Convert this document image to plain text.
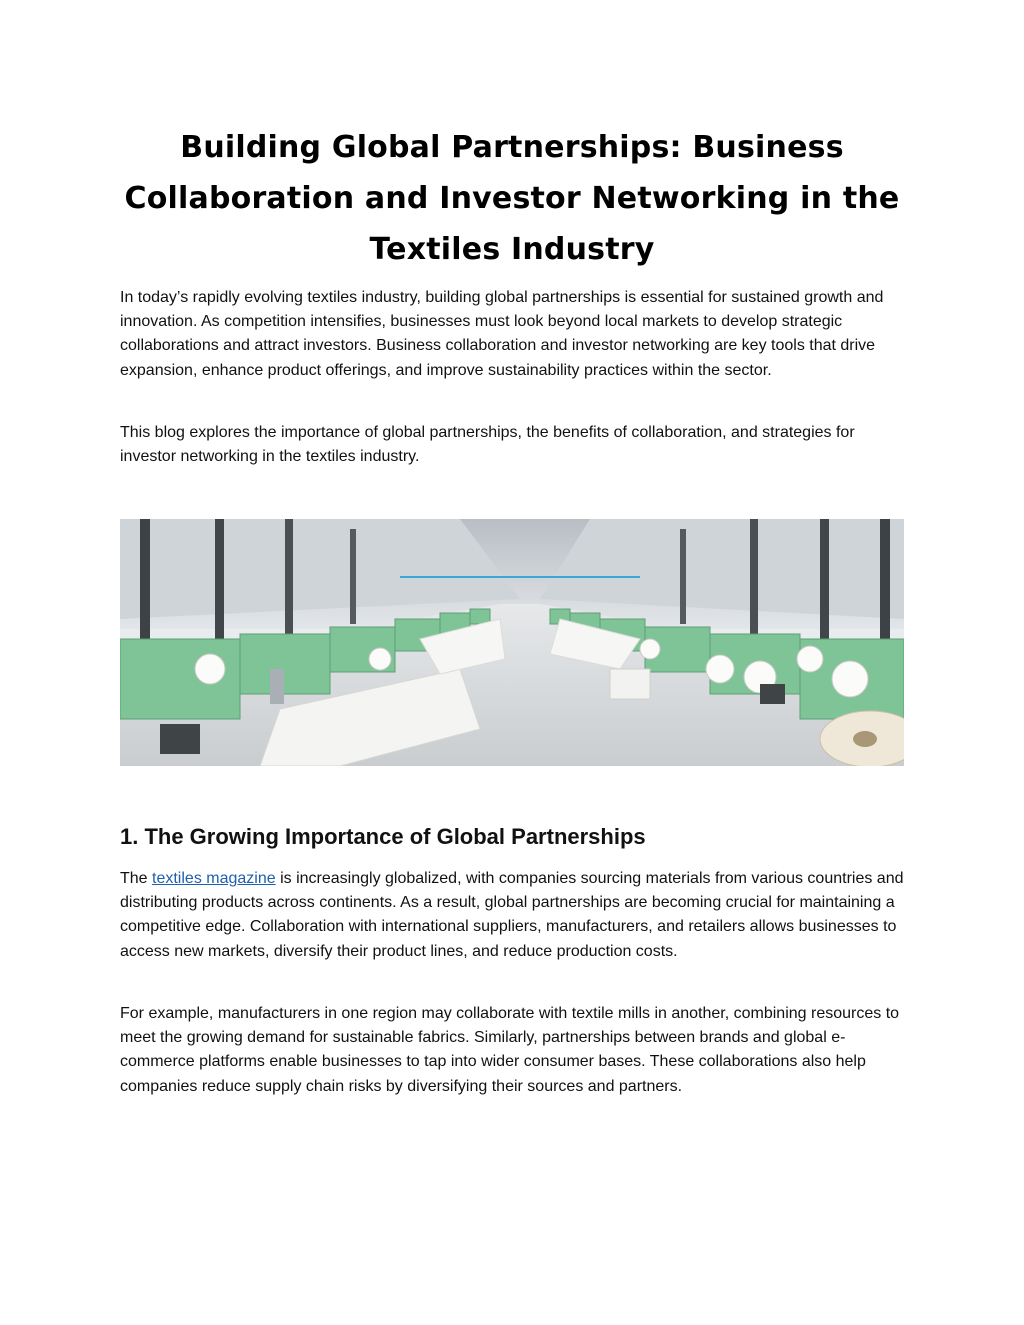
Building Global Partnerships: Business Collaboration and Investor Networking in the Textiles Industry

In today’s rapidly evolving textiles industry, building global partnerships is essential for sustained growth and innovation. As competition intensifies, businesses must look beyond local markets to develop strategic collaborations and attract investors. Business collaboration and investor networking are key tools that drive expansion, enhance product offerings, and improve sustainability practices within the sector.

This blog explores the importance of global partnerships, the benefits of collaboration, and strategies for investor networking in the textiles industry.

1. The Growing Importance of Global Partnerships

The textiles magazine is increasingly globalized, with companies sourcing materials from various countries and distributing products across continents. As a result, global partnerships are becoming crucial for maintaining a competitive edge. Collaboration with international suppliers, manufacturers, and retailers allows businesses to access new markets, diversify their product lines, and reduce production costs.

For example, manufacturers in one region may collaborate with textile mills in another, combining resources to meet the growing demand for sustainable fabrics. Similarly, partnerships between brands and global e-commerce platforms enable businesses to tap into wider consumer bases. These collaborations also help companies reduce supply chain risks by diversifying their sources and partners.
